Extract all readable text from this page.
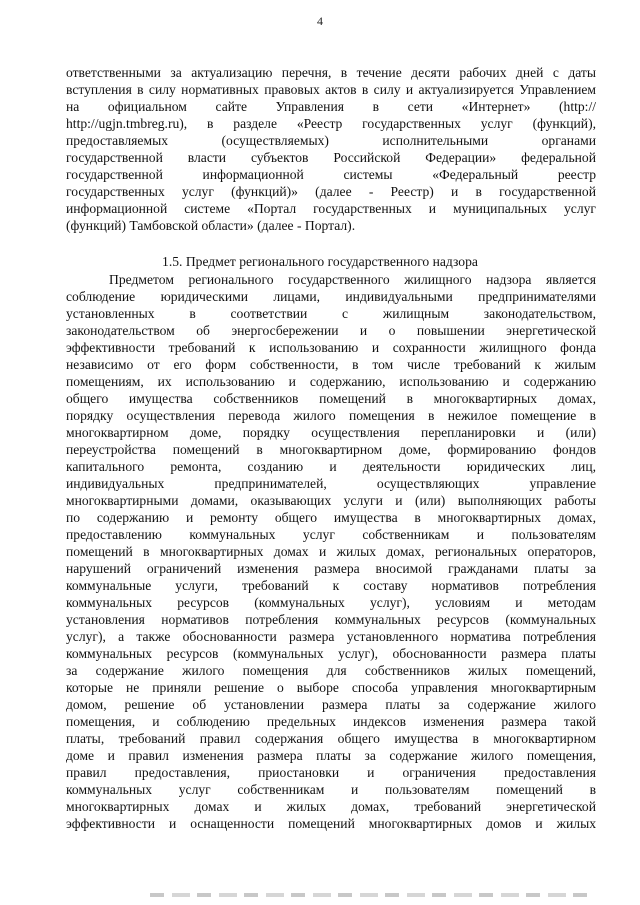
4
ответственными за актуализацию перечня, в течение десяти рабочих дней с даты
вступления в силу нормативных правовых актов в силу и актуализируется Управлением
на официальном сайте Управления в сети «Интернет» (http://
http://ugjn.tmbreg.ru), в разделе «Реестр государственных услуг (функций),
предоставляемых (осуществляемых) исполнительными органами
государственной власти субъектов Российской Федерации» федеральной
государственной информационной системы «Федеральный реестр
государственных услуг (функций)» (далее - Реестр) и в государственной
информационной системе «Портал государственных и муниципальных услуг
(функций) Тамбовской области» (далее - Портал).
1.5. Предмет регионального государственного надзора
Предметом регионального государственного жилищного надзора является
соблюдение юридическими лицами, индивидуальными предпринимателями
установленных в соответствии с жилищным законодательством,
законодательством об энергосбережении и о повышении энергетической
эффективности требований к использованию и сохранности жилищного фонда
независимо от его форм собственности, в том числе требований к жилым
помещениям, их использованию и содержанию, использованию и содержанию
общего имущества собственников помещений в многоквартирных домах,
порядку осуществления перевода жилого помещения в нежилое помещение в
многоквартирном доме, порядку осуществления перепланировки и (или)
переустройства помещений в многоквартирном доме, формированию фондов
капитального ремонта, созданию и деятельности юридических лиц,
индивидуальных предпринимателей, осуществляющих управление
многоквартирными домами, оказывающих услуги и (или) выполняющих работы
по содержанию и ремонту общего имущества в многоквартирных домах,
предоставлению коммунальных услуг собственникам и пользователям
помещений в многоквартирных домах и жилых домах, региональных операторов,
нарушений ограничений изменения размера вносимой гражданами платы за
коммунальные услуги, требований к составу нормативов потребления
коммунальных ресурсов (коммунальных услуг), условиям и методам
установления нормативов потребления коммунальных ресурсов (коммунальных
услуг), а также обоснованности размера установленного норматива потребления
коммунальных ресурсов (коммунальных услуг), обоснованности размера платы
за содержание жилого помещения для собственников жилых помещений,
которые не приняли решение о выборе способа управления многоквартирным
домом, решение об установлении размера платы за содержание жилого
помещения, и соблюдению предельных индексов изменения размера такой
платы, требований правил содержания общего имущества в многоквартирном
доме и правил изменения размера платы за содержание жилого помещения,
правил предоставления, приостановки и ограничения предоставления
коммунальных услуг собственникам и пользователям помещений в
многоквартирных домах и жилых домах, требований энергетической
эффективности и оснащенности помещений многоквартирных домов и жилых
